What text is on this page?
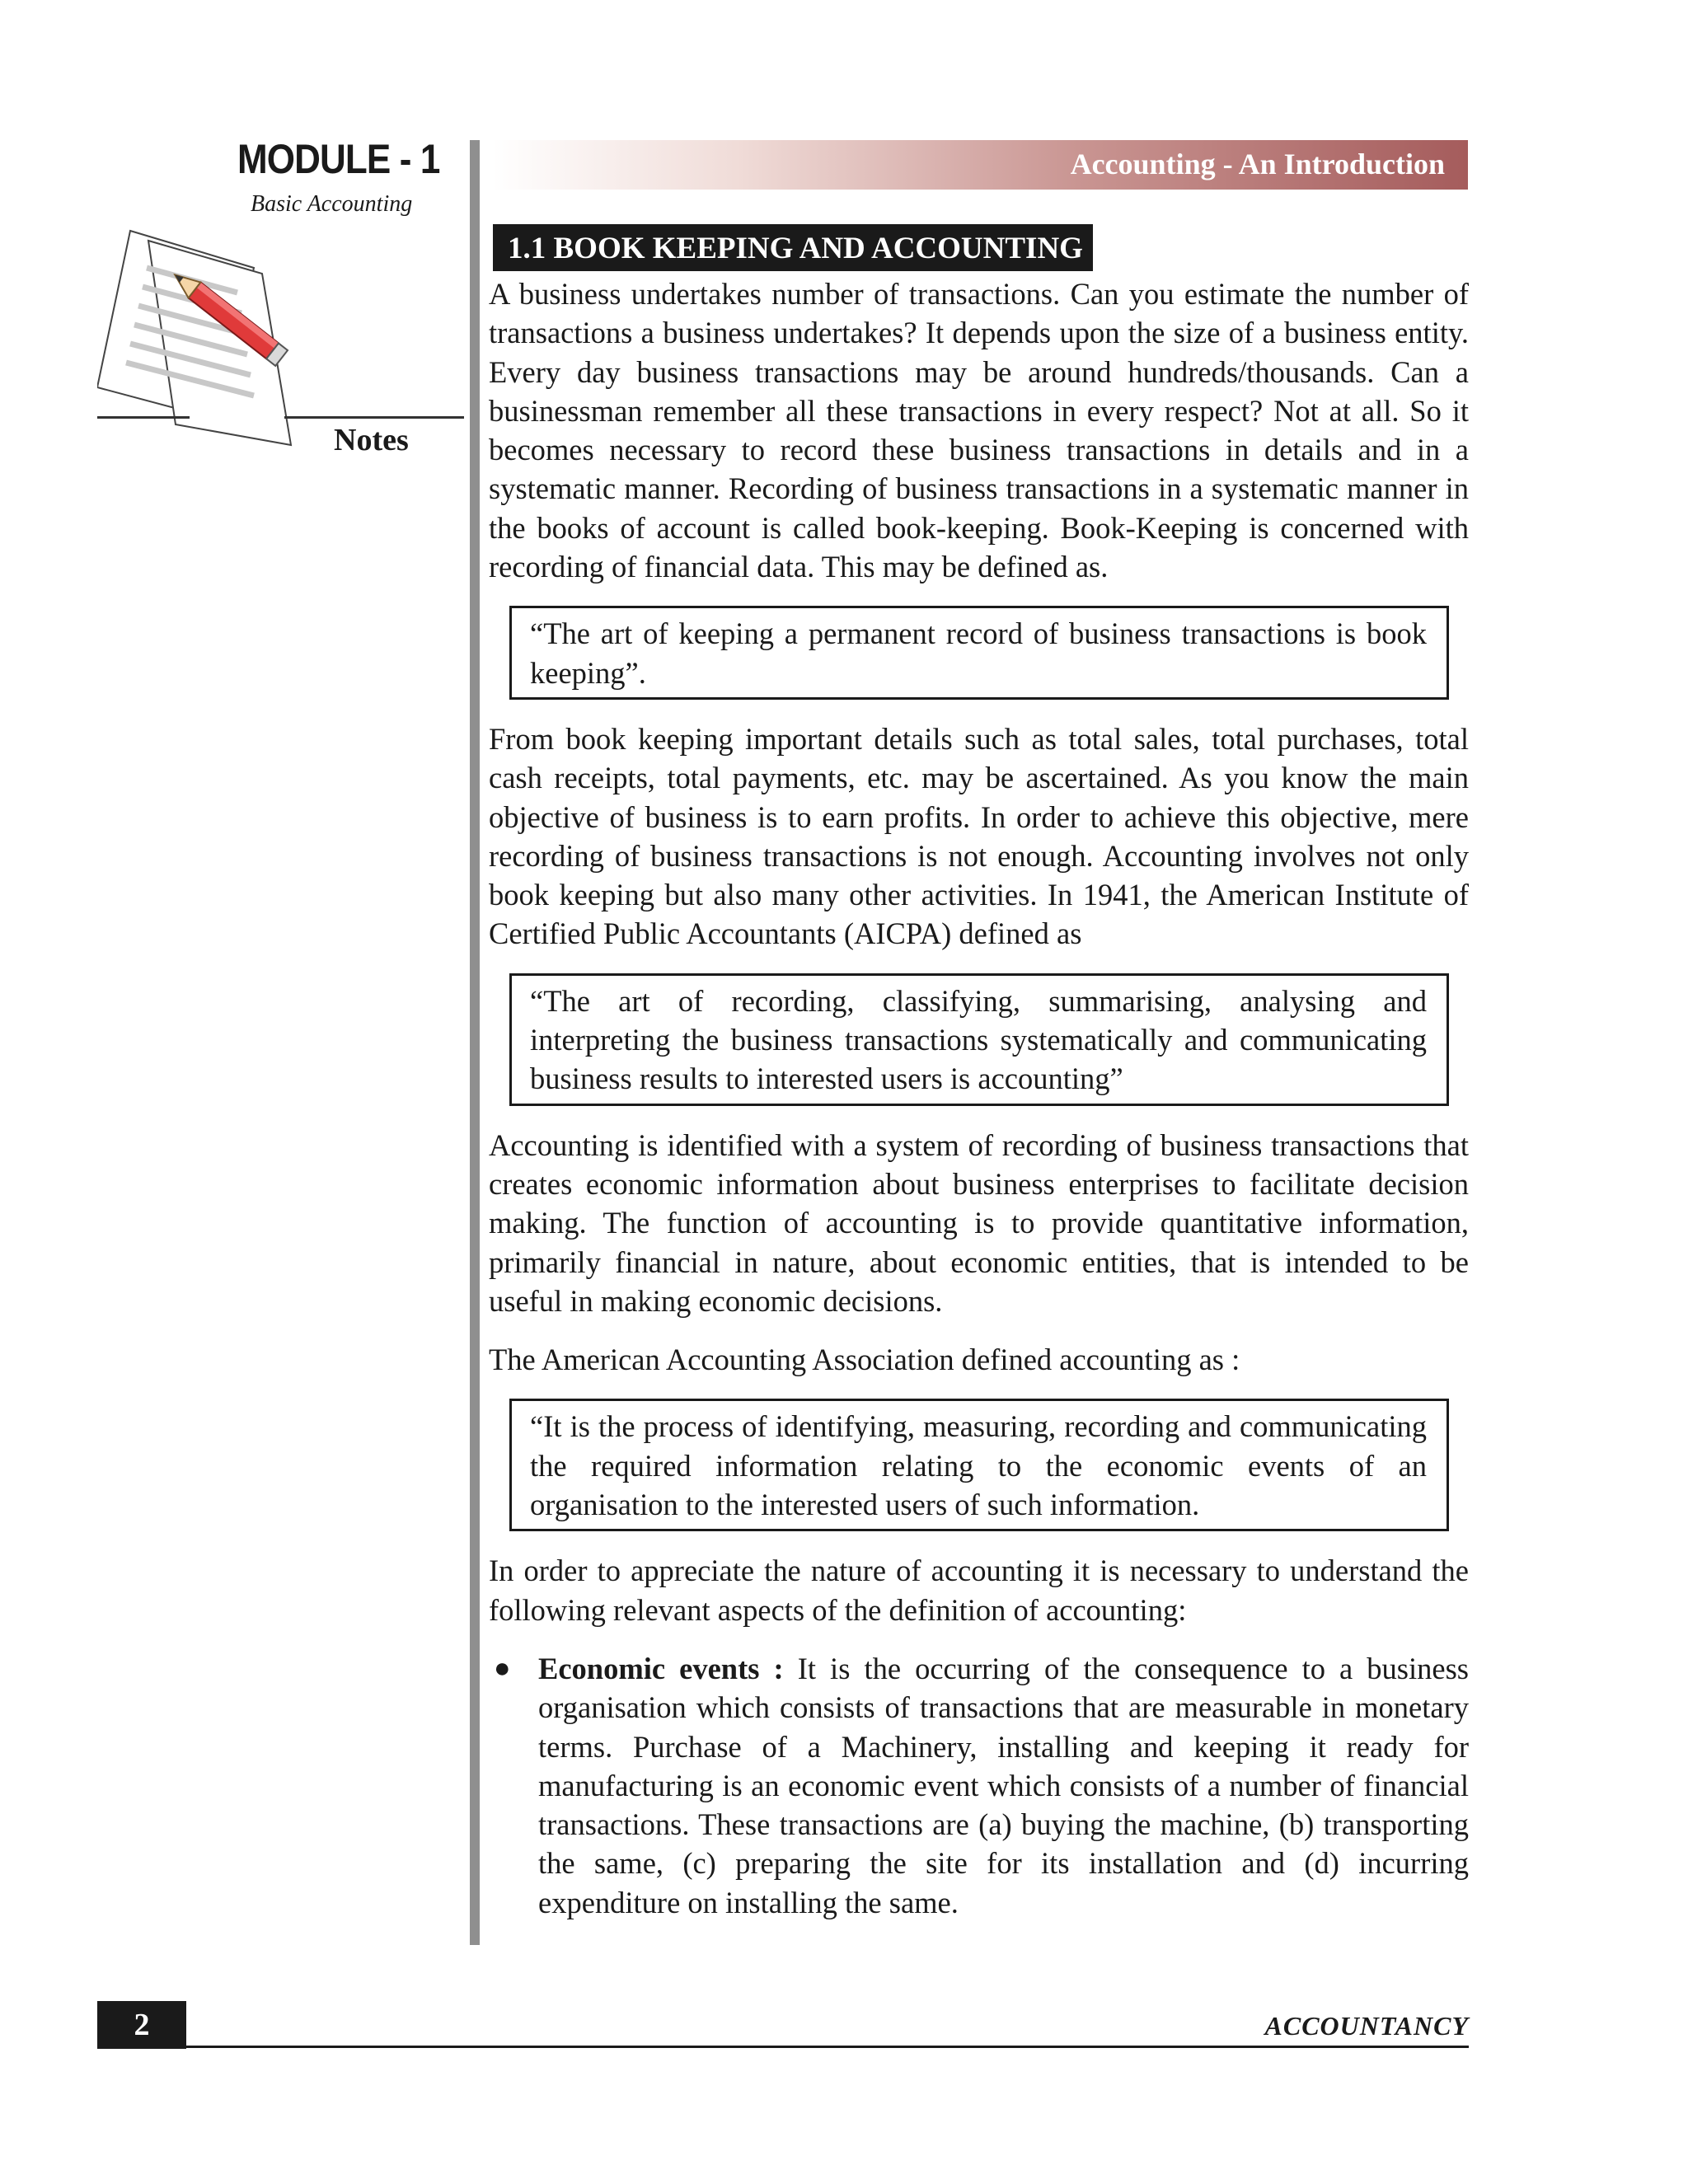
MODULE - 1
Basic Accounting
Notes
Accounting - An Introduction
1.1 BOOK KEEPING AND ACCOUNTING

A business undertakes number of transactions. Can you estimate the number of transactions a business undertakes? It depends upon the size of a business entity. Every day business transactions may be around hundreds/thousands. Can a businessman remember all these transactions in every respect? Not at all. So it becomes necessary to record these business transactions in details and in a systematic manner. Recording of business transactions in a systematic manner in the books of account is called book-keeping. Book-Keeping is concerned with recording of financial data. This may be defined as.

“The art of keeping a permanent record of business transactions is book keeping”.

From book keeping important details such as total sales, total purchases, total cash receipts, total payments, etc. may be ascertained. As you know the main objective of business is to earn profits. In order to achieve this objective, mere recording of business transactions is not enough. Accounting involves not only book keeping but also many other activities. In 1941, the American Institute of Certified Public Accountants (AICPA) defined as

“The art of recording, classifying, summarising, analysing and interpreting the business transactions systematically and communicating business results to interested users is accounting”

Accounting is identified with a system of recording of business transactions that creates economic information about business enterprises to facilitate decision making. The function of accounting is to provide quantitative information, primarily financial in nature, about economic entities, that is intended to be useful in making economic decisions.

The American Accounting Association defined accounting as :

“It is the process of identifying, measuring, recording and communicating the required information relating to the economic events of an organisation to the interested users of such information.

In order to appreciate the nature of accounting it is necessary to understand the following relevant aspects of the definition of accounting:

● Economic events : It is the occurring of the consequence to a business organisation which consists of transactions that are measurable in monetary terms. Purchase of a Machinery, installing and keeping it ready for manufacturing is an economic event which consists of a number of financial transactions. These transactions are (a) buying the machine, (b) transporting the same, (c) preparing the site for its installation and (d) incurring expenditure on installing the same.
2	ACCOUNTANCY
